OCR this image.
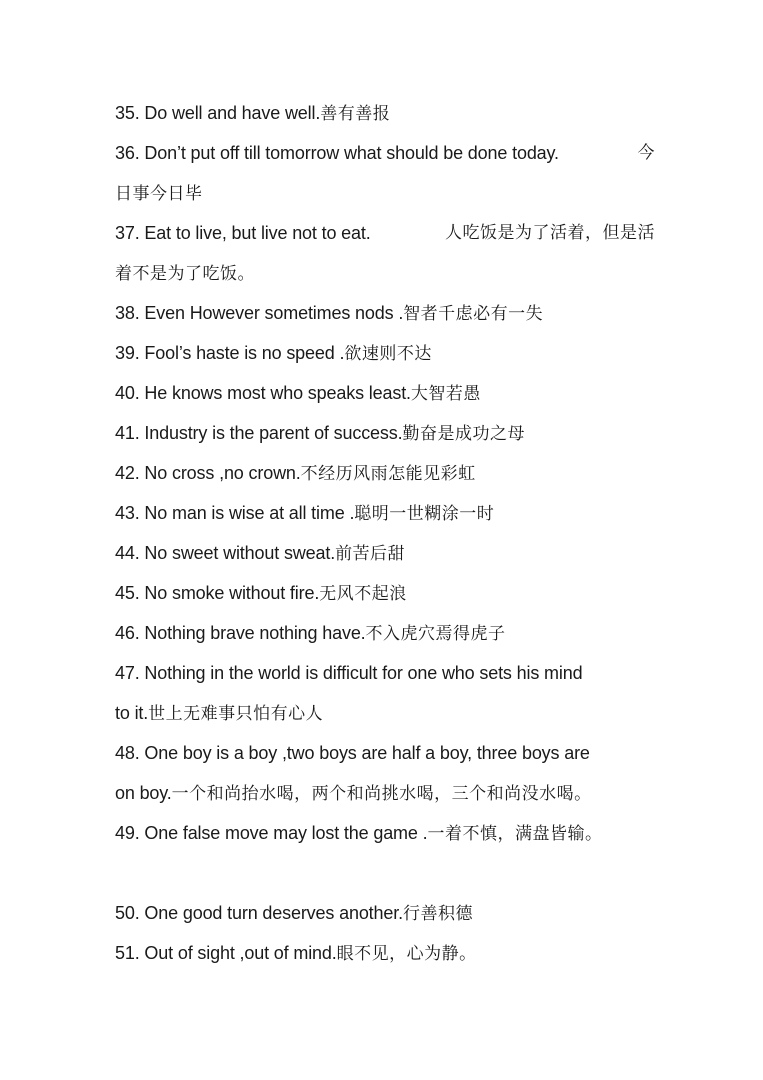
35. Do well and have well.善有善报
36. Don’t put off till tomorrow what should be done today.	今
日事今日毕
37. Eat to live, but live not to eat.	人吃饭是为了活着，但是活
着不是为了吃饭。
38. Even However sometimes nods .智者千虑必有一失
39. Fool’s haste is no speed .欲速则不达
40. He knows most who speaks least.大智若愚
41. Industry is the parent of success.勤奋是成功之母
42. No cross ,no crown.不经历风雨怎能见彩虹
43. No man is wise at all time .聪明一世糊涂一时
44. No sweet without sweat.前苦后甜
45. No smoke without fire.无风不起浪
46. Nothing brave nothing have.不入虎穴焉得虎子
47. Nothing in the world is difficult for one who sets his mind
to it.世上无难事只怕有心人
48. One boy is a boy ,two boys are half a boy, three boys are
on boy.一个和尚抬水喝，两个和尚挑水喝，三个和尚没水喝。
49. One false move may lost the game .一着不慎，满盘皆输。
50. One good turn deserves another.行善积德
51. Out of sight ,out of mind.眼不见，心为静。
